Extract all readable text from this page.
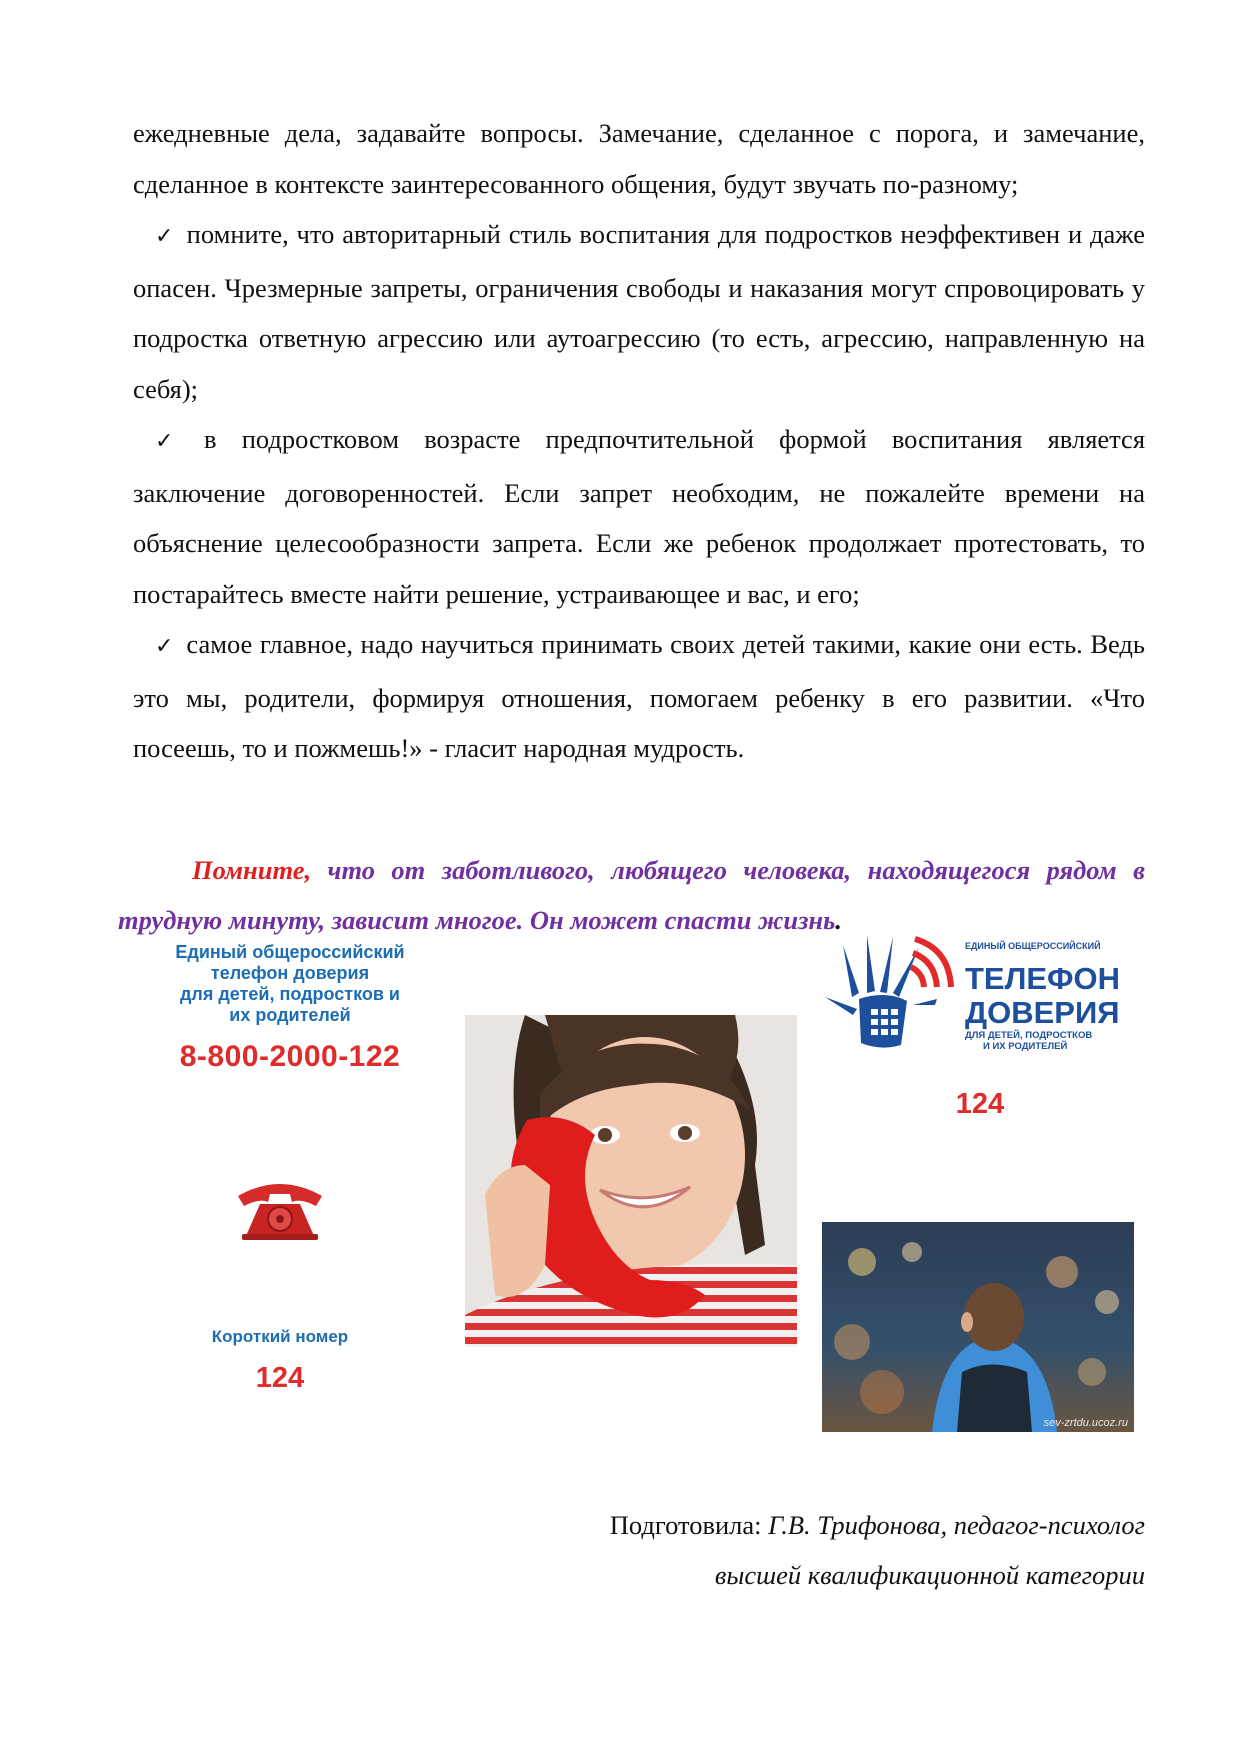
ежедневные дела, задавайте вопросы. Замечание, сделанное с порога, и замечание, сделанное в контексте заинтересованного общения, будут звучать по-разному;

✓ помните, что авторитарный стиль воспитания для подростков неэффективен и даже опасен. Чрезмерные запреты, ограничения свободы и наказания могут спровоцировать у подростка ответную агрессию или аутоагрессию (то есть, агрессию, направленную на себя);

✓ в подростковом возрасте предпочтительной формой воспитания является заключение договоренностей. Если запрет необходим, не пожалейте времени на объяснение целесообразности запрета. Если же ребенок продолжает протестовать, то постарайтесь вместе найти решение, устраивающее и вас, и его;

✓ самое главное, надо научиться принимать своих детей такими, какие они есть. Ведь это мы, родители, формируя отношения, помогаем ребенку в его развитии. «Что посеешь, то и пожмешь!» - гласит народная мудрость.

Помните, что от заботливого, любящего человека, находящегося рядом в трудную минуту, зависит многое. Он может спасти жизнь.

Единый общероссийский
телефон доверия
для детей, подростков и
их родителей
8-800-2000-122
Короткий номер
124
ЕДИНЫЙ ОБЩЕРОССИЙСКИЙ
ТЕЛЕФОН
ДОВЕРИЯ
ДЛЯ ДЕТЕЙ, ПОДРОСТКОВ
И ИХ РОДИТЕЛЕЙ
124
sev-zrtdu.ucoz.ru
Подготовила: Г.В. Трифонова, педагог-психолог
высшей квалификационной категории
